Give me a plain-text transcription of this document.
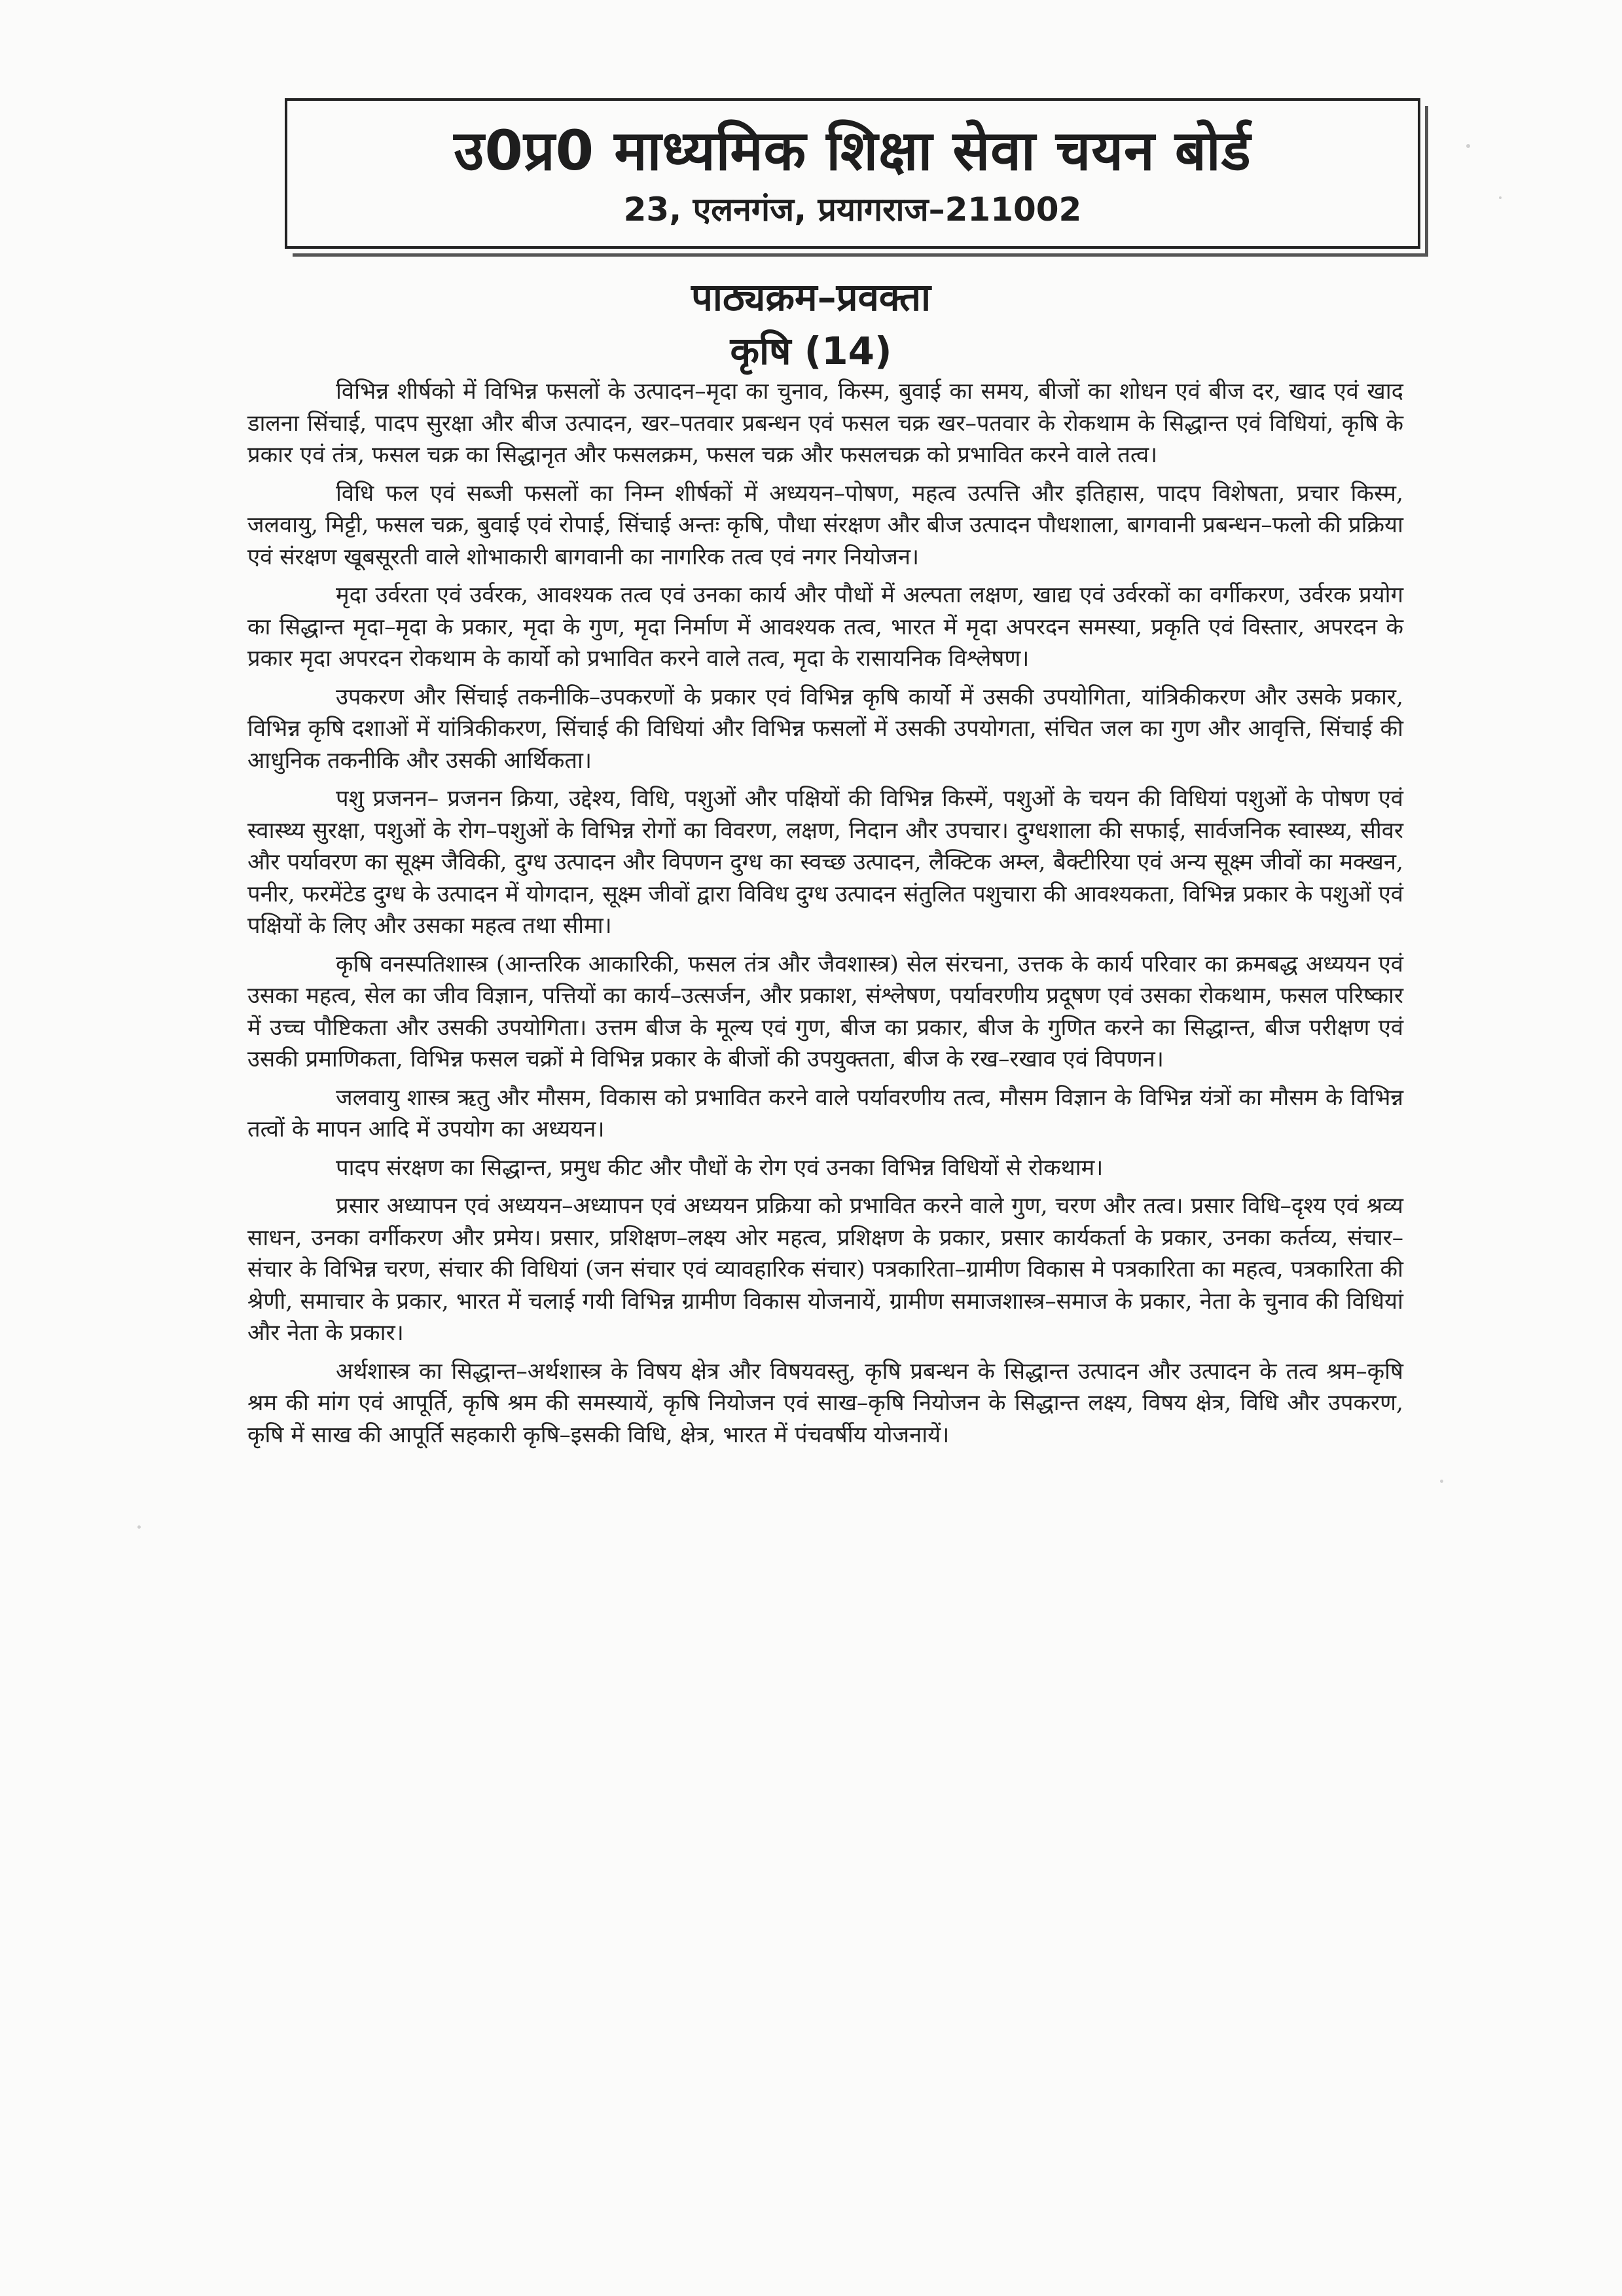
उ0प्र0 माध्यमिक शिक्षा सेवा चयन बोर्ड
23, एलनगंज, प्रयागराज–211002
पाठ्यक्रम–प्रवक्ता
कृषि (14)

विभिन्न शीर्षको में विभिन्न फसलों के उत्पादन–मृदा का चुनाव, किस्म, बुवाई का समय, बीजों का शोधन एवं बीज दर, खाद एवं खाद डालना सिंचाई, पादप सुरक्षा और बीज उत्पादन, खर–पतवार प्रबन्धन एवं फसल चक्र खर–पतवार के रोकथाम के सिद्धान्त एवं विधियां, कृषि के प्रकार एवं तंत्र, फसल चक्र का सिद्धानृत और फसलक्रम, फसल चक्र और फसलचक्र को प्रभावित करने वाले तत्व।

विधि फल एवं सब्जी फसलों का निम्न शीर्षकों में अध्ययन–पोषण, महत्व उत्पत्ति और इतिहास, पादप विशेषता, प्रचार किस्म, जलवायु, मिट्टी, फसल चक्र, बुवाई एवं रोपाई, सिंचाई अन्तः कृषि, पौधा संरक्षण और बीज उत्पादन पौधशाला, बागवानी प्रबन्धन–फलो की प्रक्रिया एवं संरक्षण खूबसूरती वाले शोभाकारी बागवानी का नागरिक तत्व एवं नगर नियोजन।

मृदा उर्वरता एवं उर्वरक, आवश्यक तत्व एवं उनका कार्य और पौधों में अल्पता लक्षण, खाद्य एवं उर्वरकों का वर्गीकरण, उर्वरक प्रयोग का सिद्धान्त मृदा–मृदा के प्रकार, मृदा के गुण, मृदा निर्माण में आवश्यक तत्व, भारत में मृदा अपरदन समस्या, प्रकृति एवं विस्तार, अपरदन के प्रकार मृदा अपरदन रोकथाम के कार्यो को प्रभावित करने वाले तत्व, मृदा के रासायनिक विश्लेषण।

उपकरण और सिंचाई तकनीकि–उपकरणों के प्रकार एवं विभिन्न कृषि कार्यो में उसकी उपयोगिता, यांत्रिकीकरण और उसके प्रकार, विभिन्न कृषि दशाओं में यांत्रिकीकरण, सिंचाई की विधियां और विभिन्न फसलों में उसकी उपयोगता, संचित जल का गुण और आवृत्ति, सिंचाई की आधुनिक तकनीकि और उसकी आर्थिकता।

पशु प्रजनन– प्रजनन क्रिया, उद्देश्य, विधि, पशुओं और पक्षियों की विभिन्न किस्में, पशुओं के चयन की विधियां पशुओं के पोषण एवं स्वास्थ्य सुरक्षा, पशुओं के रोग–पशुओं के विभिन्न रोगों का विवरण, लक्षण, निदान और उपचार। दुग्धशाला की सफाई, सार्वजनिक स्वास्थ्य, सीवर और पर्यावरण का सूक्ष्म जैविकी, दुग्ध उत्पादन और विपणन दुग्ध का स्वच्छ उत्पादन, लैक्टिक अम्ल, बैक्टीरिया एवं अन्य सूक्ष्म जीवों का मक्खन, पनीर, फरमेंटेड दुग्ध के उत्पादन में योगदान, सूक्ष्म जीवों द्वारा विविध दुग्ध उत्पादन संतुलित पशुचारा की आवश्यकता, विभिन्न प्रकार के पशुओं एवं पक्षियों के लिए और उसका महत्व तथा सीमा।

कृषि वनस्पतिशास्त्र (आन्तरिक आकारिकी, फसल तंत्र और जैवशास्त्र) सेल संरचना, उत्तक के कार्य परिवार का क्रमबद्ध अध्ययन एवं उसका महत्व, सेल का जीव विज्ञान, पत्तियों का कार्य–उत्सर्जन, और प्रकाश, संश्लेषण, पर्यावरणीय प्रदूषण एवं उसका रोकथाम, फसल परिष्कार में उच्च पौष्टिकता और उसकी उपयोगिता। उत्तम बीज के मूल्य एवं गुण, बीज का प्रकार, बीज के गुणित करने का सिद्धान्त, बीज परीक्षण एवं उसकी प्रमाणिकता, विभिन्न फसल चक्रों मे विभिन्न प्रकार के बीजों की उपयुक्तता, बीज के रख–रखाव एवं विपणन।

जलवायु शास्त्र ऋतु और मौसम, विकास को प्रभावित करने वाले पर्यावरणीय तत्व, मौसम विज्ञान के विभिन्न यंत्रों का मौसम के विभिन्न तत्वों के मापन आदि में उपयोग का अध्ययन।

पादप संरक्षण का सिद्धान्त, प्रमुध कीट और पौधों के रोग एवं उनका विभिन्न विधियों से रोकथाम।

प्रसार अध्यापन एवं अध्ययन–अध्यापन एवं अध्ययन प्रक्रिया को प्रभावित करने वाले गुण, चरण और तत्व। प्रसार विधि–दृश्य एवं श्रव्य साधन, उनका वर्गीकरण और प्रमेय। प्रसार, प्रशिक्षण–लक्ष्य ओर महत्व, प्रशिक्षण के प्रकार, प्रसार कार्यकर्ता के प्रकार, उनका कर्तव्य, संचार–संचार के विभिन्न चरण, संचार की विधियां (जन संचार एवं व्यावहारिक संचार) पत्रकारिता–ग्रामीण विकास मे पत्रकारिता का महत्व, पत्रकारिता की श्रेणी, समाचार के प्रकार, भारत में चलाई गयी विभिन्न ग्रामीण विकास योजनायें, ग्रामीण समाजशास्त्र–समाज के प्रकार, नेता के चुनाव की विधियां और नेता के प्रकार।

अर्थशास्त्र का सिद्धान्त–अर्थशास्त्र के विषय क्षेत्र और विषयवस्तु, कृषि प्रबन्धन के सिद्धान्त उत्पादन और उत्पादन के तत्व श्रम–कृषि श्रम की मांग एवं आपूर्ति, कृषि श्रम की समस्यायें, कृषि नियोजन एवं साख–कृषि नियोजन के सिद्धान्त लक्ष्य, विषय क्षेत्र, विधि और उपकरण, कृषि में साख की आपूर्ति सहकारी कृषि–इसकी विधि, क्षेत्र, भारत में पंचवर्षीय योजनायें।
